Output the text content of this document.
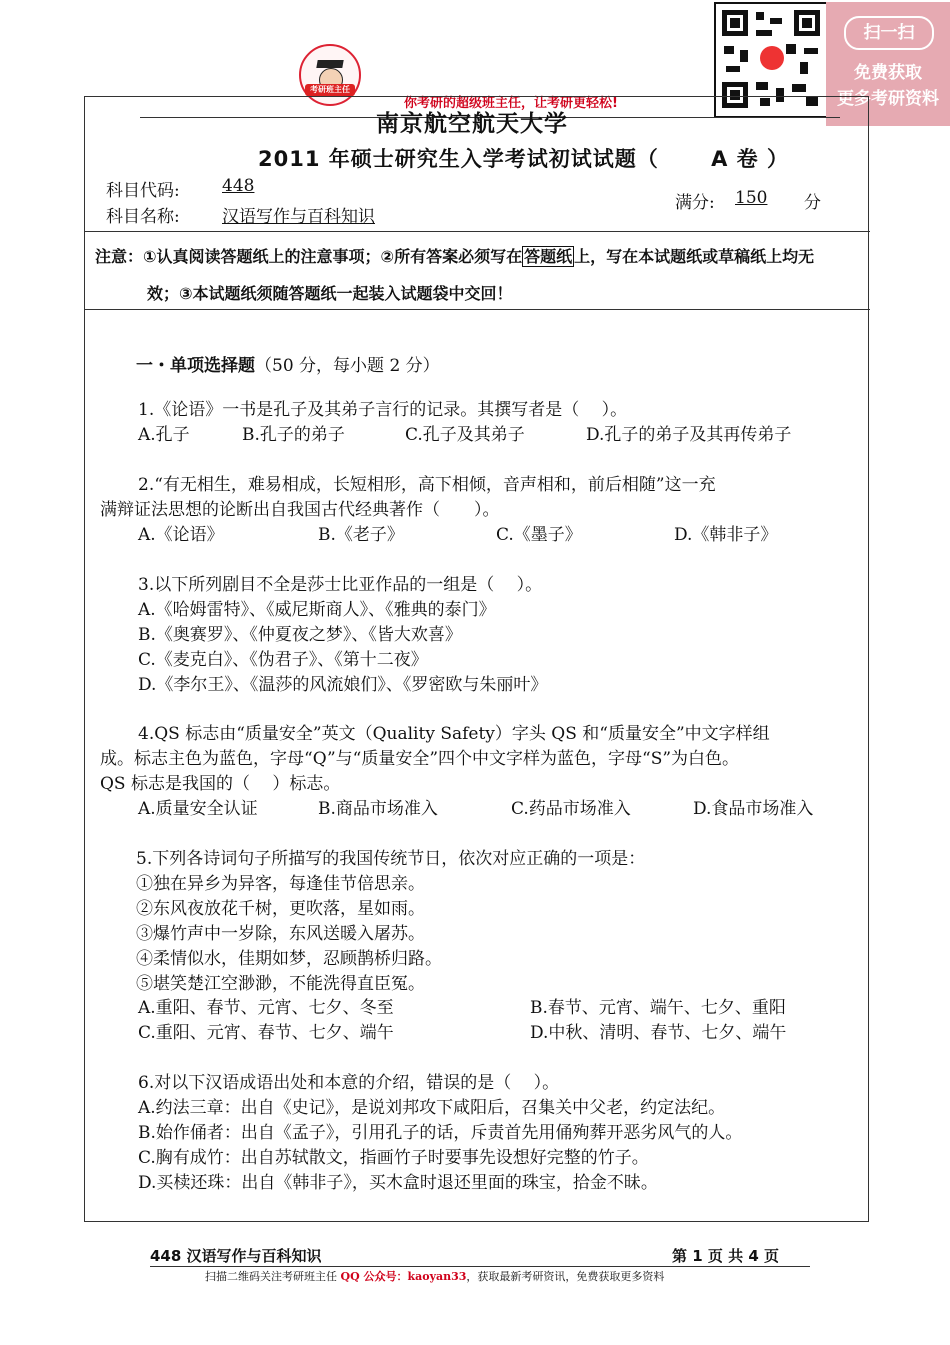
考研班主任
你考研的超级班主任，让考研更轻松!
扫一扫
免费获取
更多考研资料
南京航空航天大学
2011 年硕士研究生入学考试初试试题（　　 A 卷 ）
科目代码: 448
科目名称: 汉语写作与百科知识
满分: 150 分
注意：①认真阅读答题纸上的注意事项；②所有答案必须写在 答题纸 上，写在本试题纸或草稿纸上均无
效；③本试题纸须随答题纸一起装入试题袋中交回！
一・单项选择题（50 分，每小题 2 分）
1.《论语》一书是孔子及其弟子言行的记录。其撰写者是（　 ）。
A.孔子	B.孔子的弟子	C.孔子及其弟子	D.孔子的弟子及其再传弟子
2.“有无相生，难易相成，长短相形，高下相倾，音声相和，前后相随”这一充
满辩证法思想的论断出自我国古代经典著作（　　）。
A.《论语》	B.《老子》	C.《墨子》	D.《韩非子》
3.以下所列剧目不全是莎士比亚作品的一组是（　 ）。
A.《哈姆雷特》、《威尼斯商人》、《雅典的泰门》
B.《奥赛罗》、《仲夏夜之梦》、《皆大欢喜》
C.《麦克白》、《伪君子》、《第十二夜》
D.《李尔王》、《温莎的风流娘们》、《罗密欧与朱丽叶》
4.QS 标志由“质量安全”英文（Quality Safety）字头 QS 和“质量安全”中文字样组
成。标志主色为蓝色，字母“Q”与“质量安全”四个中文字样为蓝色，字母“S”为白色。
QS 标志是我国的（　 ）标志。
A.质量安全认证	B.商品市场准入	C.药品市场准入	D.食品市场准入
5.下列各诗词句子所描写的我国传统节日，依次对应正确的一项是：
①独在异乡为异客，每逢佳节倍思亲。
②东风夜放花千树，更吹落，星如雨。
③爆竹声中一岁除，东风送暖入屠苏。
④柔情似水，佳期如梦，忍顾鹊桥归路。
⑤堪笑楚江空渺渺，不能洗得直臣冤。
A.重阳、春节、元宵、七夕、冬至	B.春节、元宵、端午、七夕、重阳
C.重阳、元宵、春节、七夕、端午	D.中秋、清明、春节、七夕、端午
6.对以下汉语成语出处和本意的介绍，错误的是（　 ）。
A.约法三章：出自《史记》，是说刘邦攻下咸阳后，召集关中父老，约定法纪。
B.始作俑者：出自《孟子》，引用孔子的话，斥责首先用俑殉葬开恶劣风气的人。
C.胸有成竹：出自苏轼散文，指画竹子时要事先设想好完整的竹子。
D.买椟还珠：出自《韩非子》，买木盒时退还里面的珠宝，拾金不昧。
448 汉语写作与百科知识	第 1 页 共 4 页
扫描二维码关注考研班主任 QQ 公众号：kaoyan33，获取最新考研资讯，免费获取更多资料
